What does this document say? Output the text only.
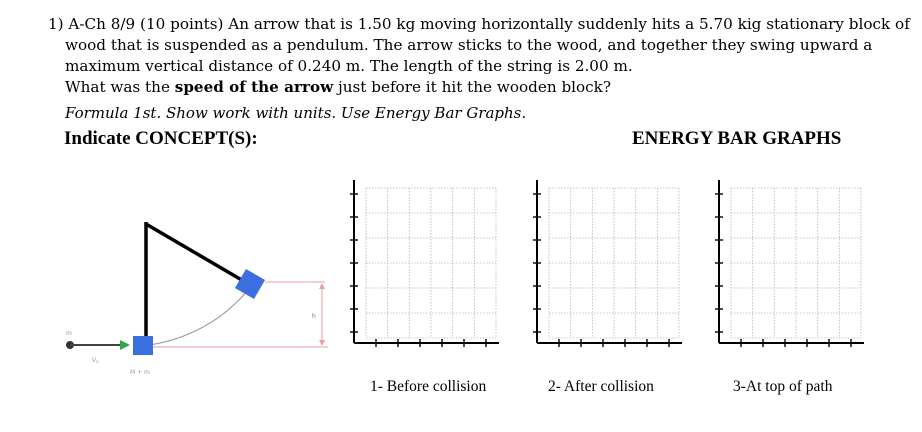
1) A-Ch 8/9 (10 points) An arrow that is 1.50 kg moving horizontally suddenly hits a 5.70 kig stationary block of
wood that is suspended as a pendulum. The arrow sticks to the wood, and together they swing upward a
maximum vertical distance of 0.240 m. The length of the string is 2.00 m.
What was the speed of the arrow just before it hit the wooden block?
Formula 1st. Show work with units. Use Energy Bar Graphs.
Indicate CONCEPT(S):	ENERGY BAR GRAPHS
h
m
Vo
M + m
1- Before collision	2- After collision	3-At top of path
